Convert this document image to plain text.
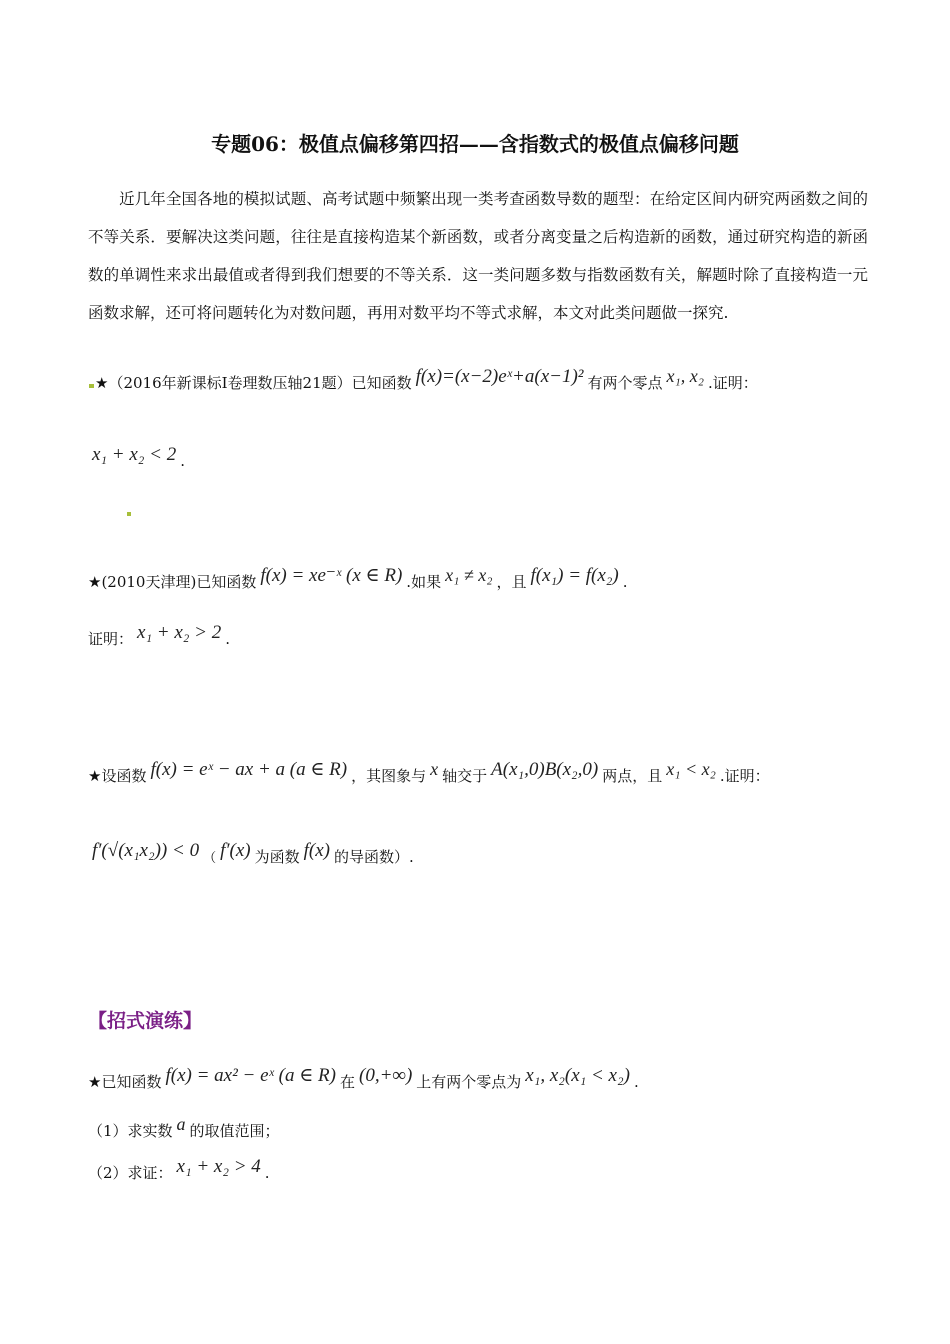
专题06：极值点偏移第四招——含指数式的极值点偏移问题
近几年全国各地的模拟试题、高考试题中频繁出现一类考查函数导数的题型：在给定区间内研究两函数之间的不等关系．要解决这类问题，往往是直接构造某个新函数，或者分离变量之后构造新的函数，通过研究构造的新函数的单调性来求出最值或者得到我们想要的不等关系．这一类问题多数与指数函数有关，解题时除了直接构造一元函数求解，还可将问题转化为对数问题，再用对数平均不等式求解，本文对此类问题做一探究.
★（2016年新课标I卷理数压轴21题）已知函数 f(x)=(x−2)eˣ+a(x−1)² 有两个零点 x₁, x₂ .证明：
x₁ + x₂ < 2 .
★(2010天津理)已知函数 f(x) = xe⁻ˣ (x ∈ R) .如果 x₁ ≠ x₂ ，且 f(x₁) = f(x₂) .
证明： x₁ + x₂ > 2 .
★设函数 f(x) = eˣ − ax + a (a ∈ R) ，其图象与 x 轴交于 A(x₁,0)B(x₂,0) 两点，且 x₁ < x₂ .证明：
f′(√(x₁x₂)) < 0 （ f′(x) 为函数 f(x) 的导函数）.
【招式演练】
★已知函数 f(x) = ax² − eˣ (a ∈ R) 在 (0,+∞) 上有两个零点为 x₁, x₂(x₁ < x₂) .
（1）求实数 a 的取值范围；
（2）求证： x₁ + x₂ > 4 .
